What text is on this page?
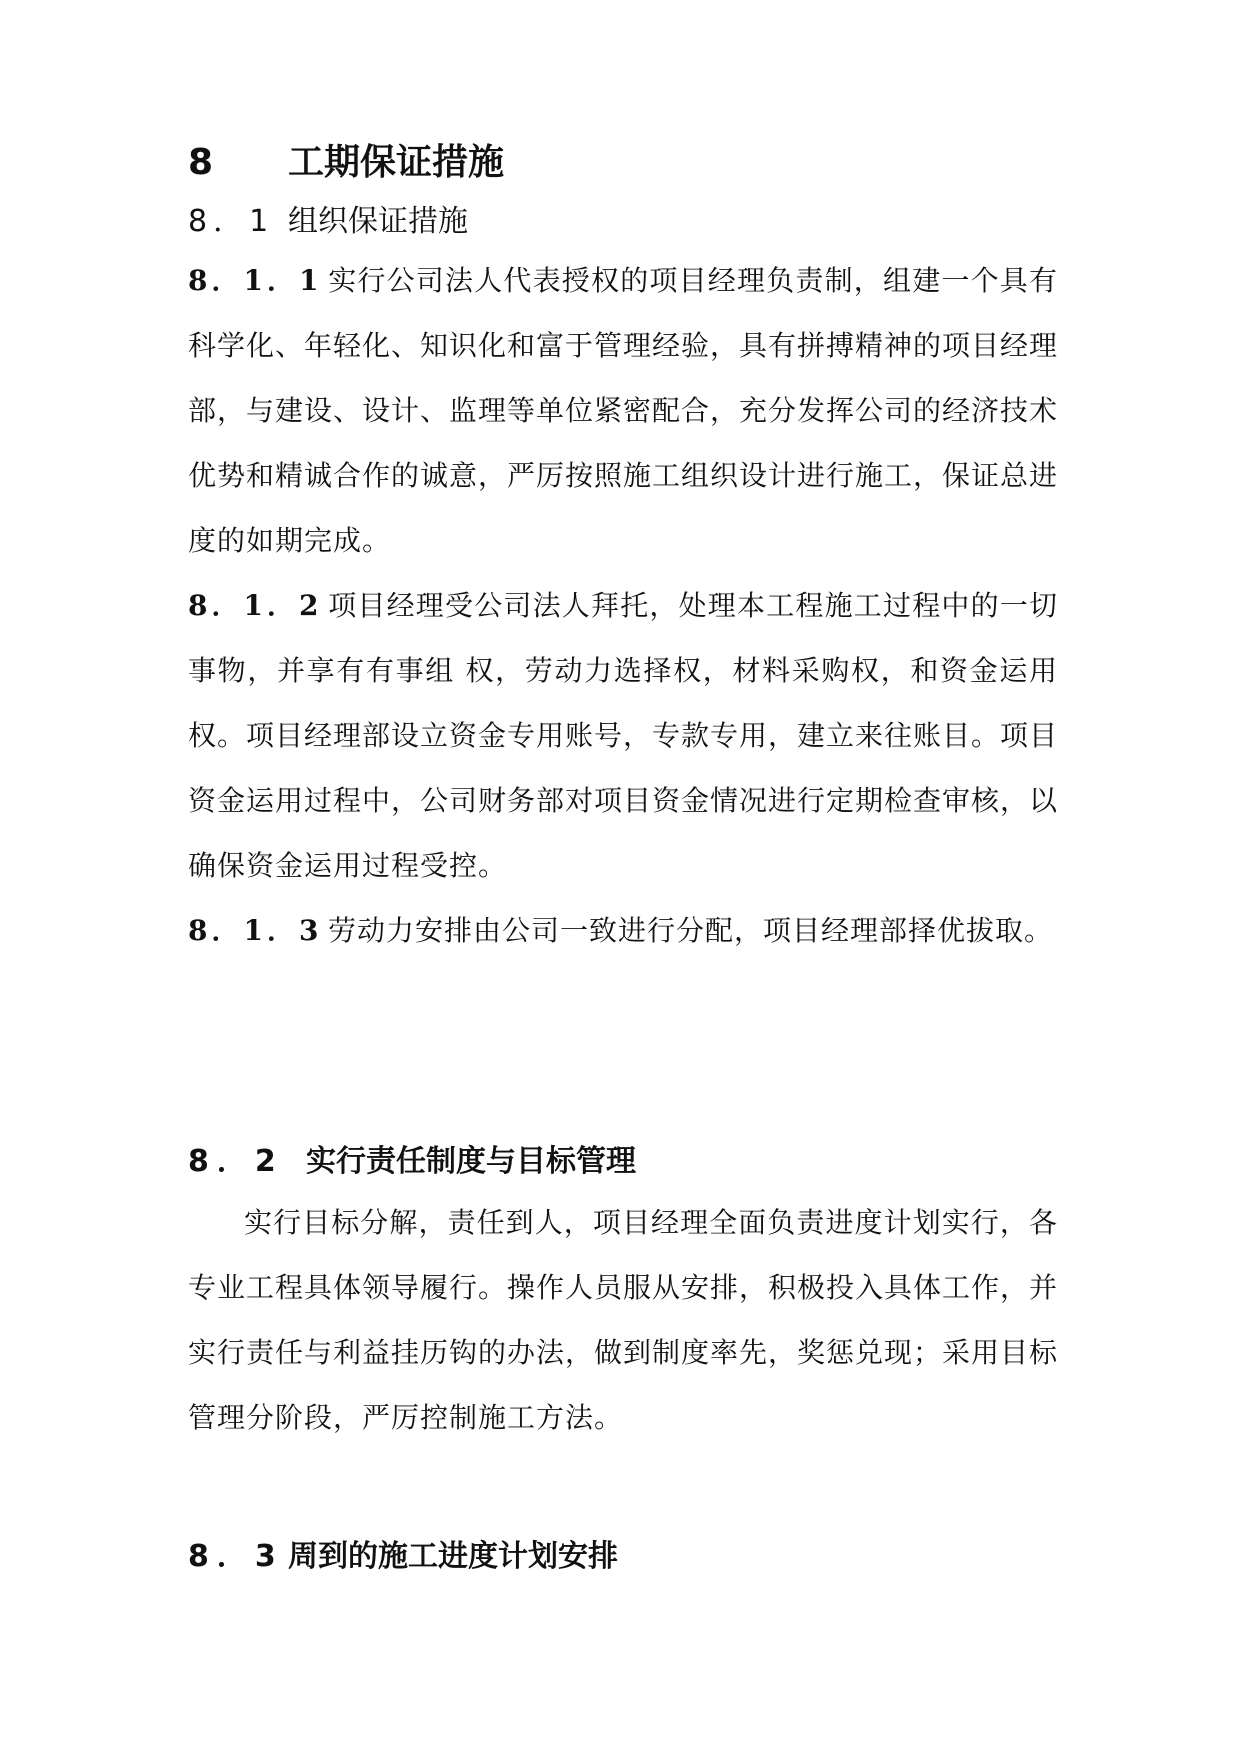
8 工期保证措施
8．1 组织保证措施
8．1．1 实行公司法人代表授权的项目经理负责制，组建一个具有科学化、年轻化、知识化和富于管理经验，具有拼搏精神的项目经理部，与建设、设计、监理等单位紧密配合，充分发挥公司的经济技术优势和精诚合作的诚意，严厉按照施工组织设计进行施工，保证总进度的如期完成。
8．1．2 项目经理受公司法人拜托，处理本工程施工过程中的一切事物，并享有有事组 权，劳动力选择权，材料采购权，和资金运用权。项目经理部设立资金专用账号，专款专用，建立来往账目。项目资金运用过程中，公司财务部对项目资金情况进行定期检查审核，以确保资金运用过程受控。
8．1．3 劳动力安排由公司一致进行分配，项目经理部择优拔取。
8．2 实行责任制度与目标管理
实行目标分解，责任到人，项目经理全面负责进度计划实行，各专业工程具体领导履行。操作人员服从安排，积极投入具体工作，并实行责任与利益挂历钩的办法，做到制度率先，奖惩兑现；采用目标管理分阶段，严厉控制施工方法。
8．3 周到的施工进度计划安排
